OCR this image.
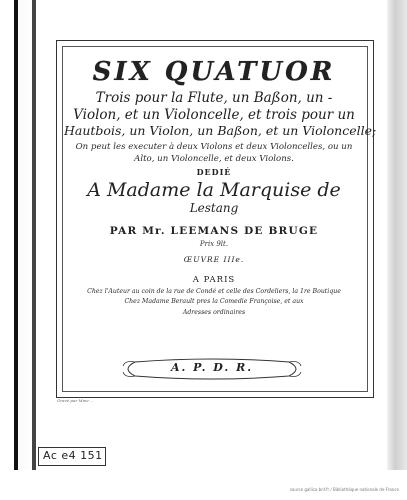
SIX QUATUOR
Trois pour la Flute, un Baßon, un -
Violon, et un Violoncelle, et trois pour un
Hautbois, un Violon, un Baßon, et un Violoncelle;
On peut les executer à deux Violons et deux Violoncelles, ou un
Alto, un Violoncelle, et deux Violons.
DEDIÉ
A Madame la Marquise de
Lestang
PAR Mr. LEEMANS DE BRUGE
Prix 9lt.
ŒUVRE IIIe.
A PARIS
Chez l'Auteur au coin de la rue de Condé et celle des Cordeliers, la 1re Boutique
Chez Madame Berault pres la Comedie Françoise, et aux
Adresses ordinaires
A. P. D. R.
Gravé par Mme ...
Ac e4 151
source gallica.bnf.fr / Bibliothèque nationale de France
